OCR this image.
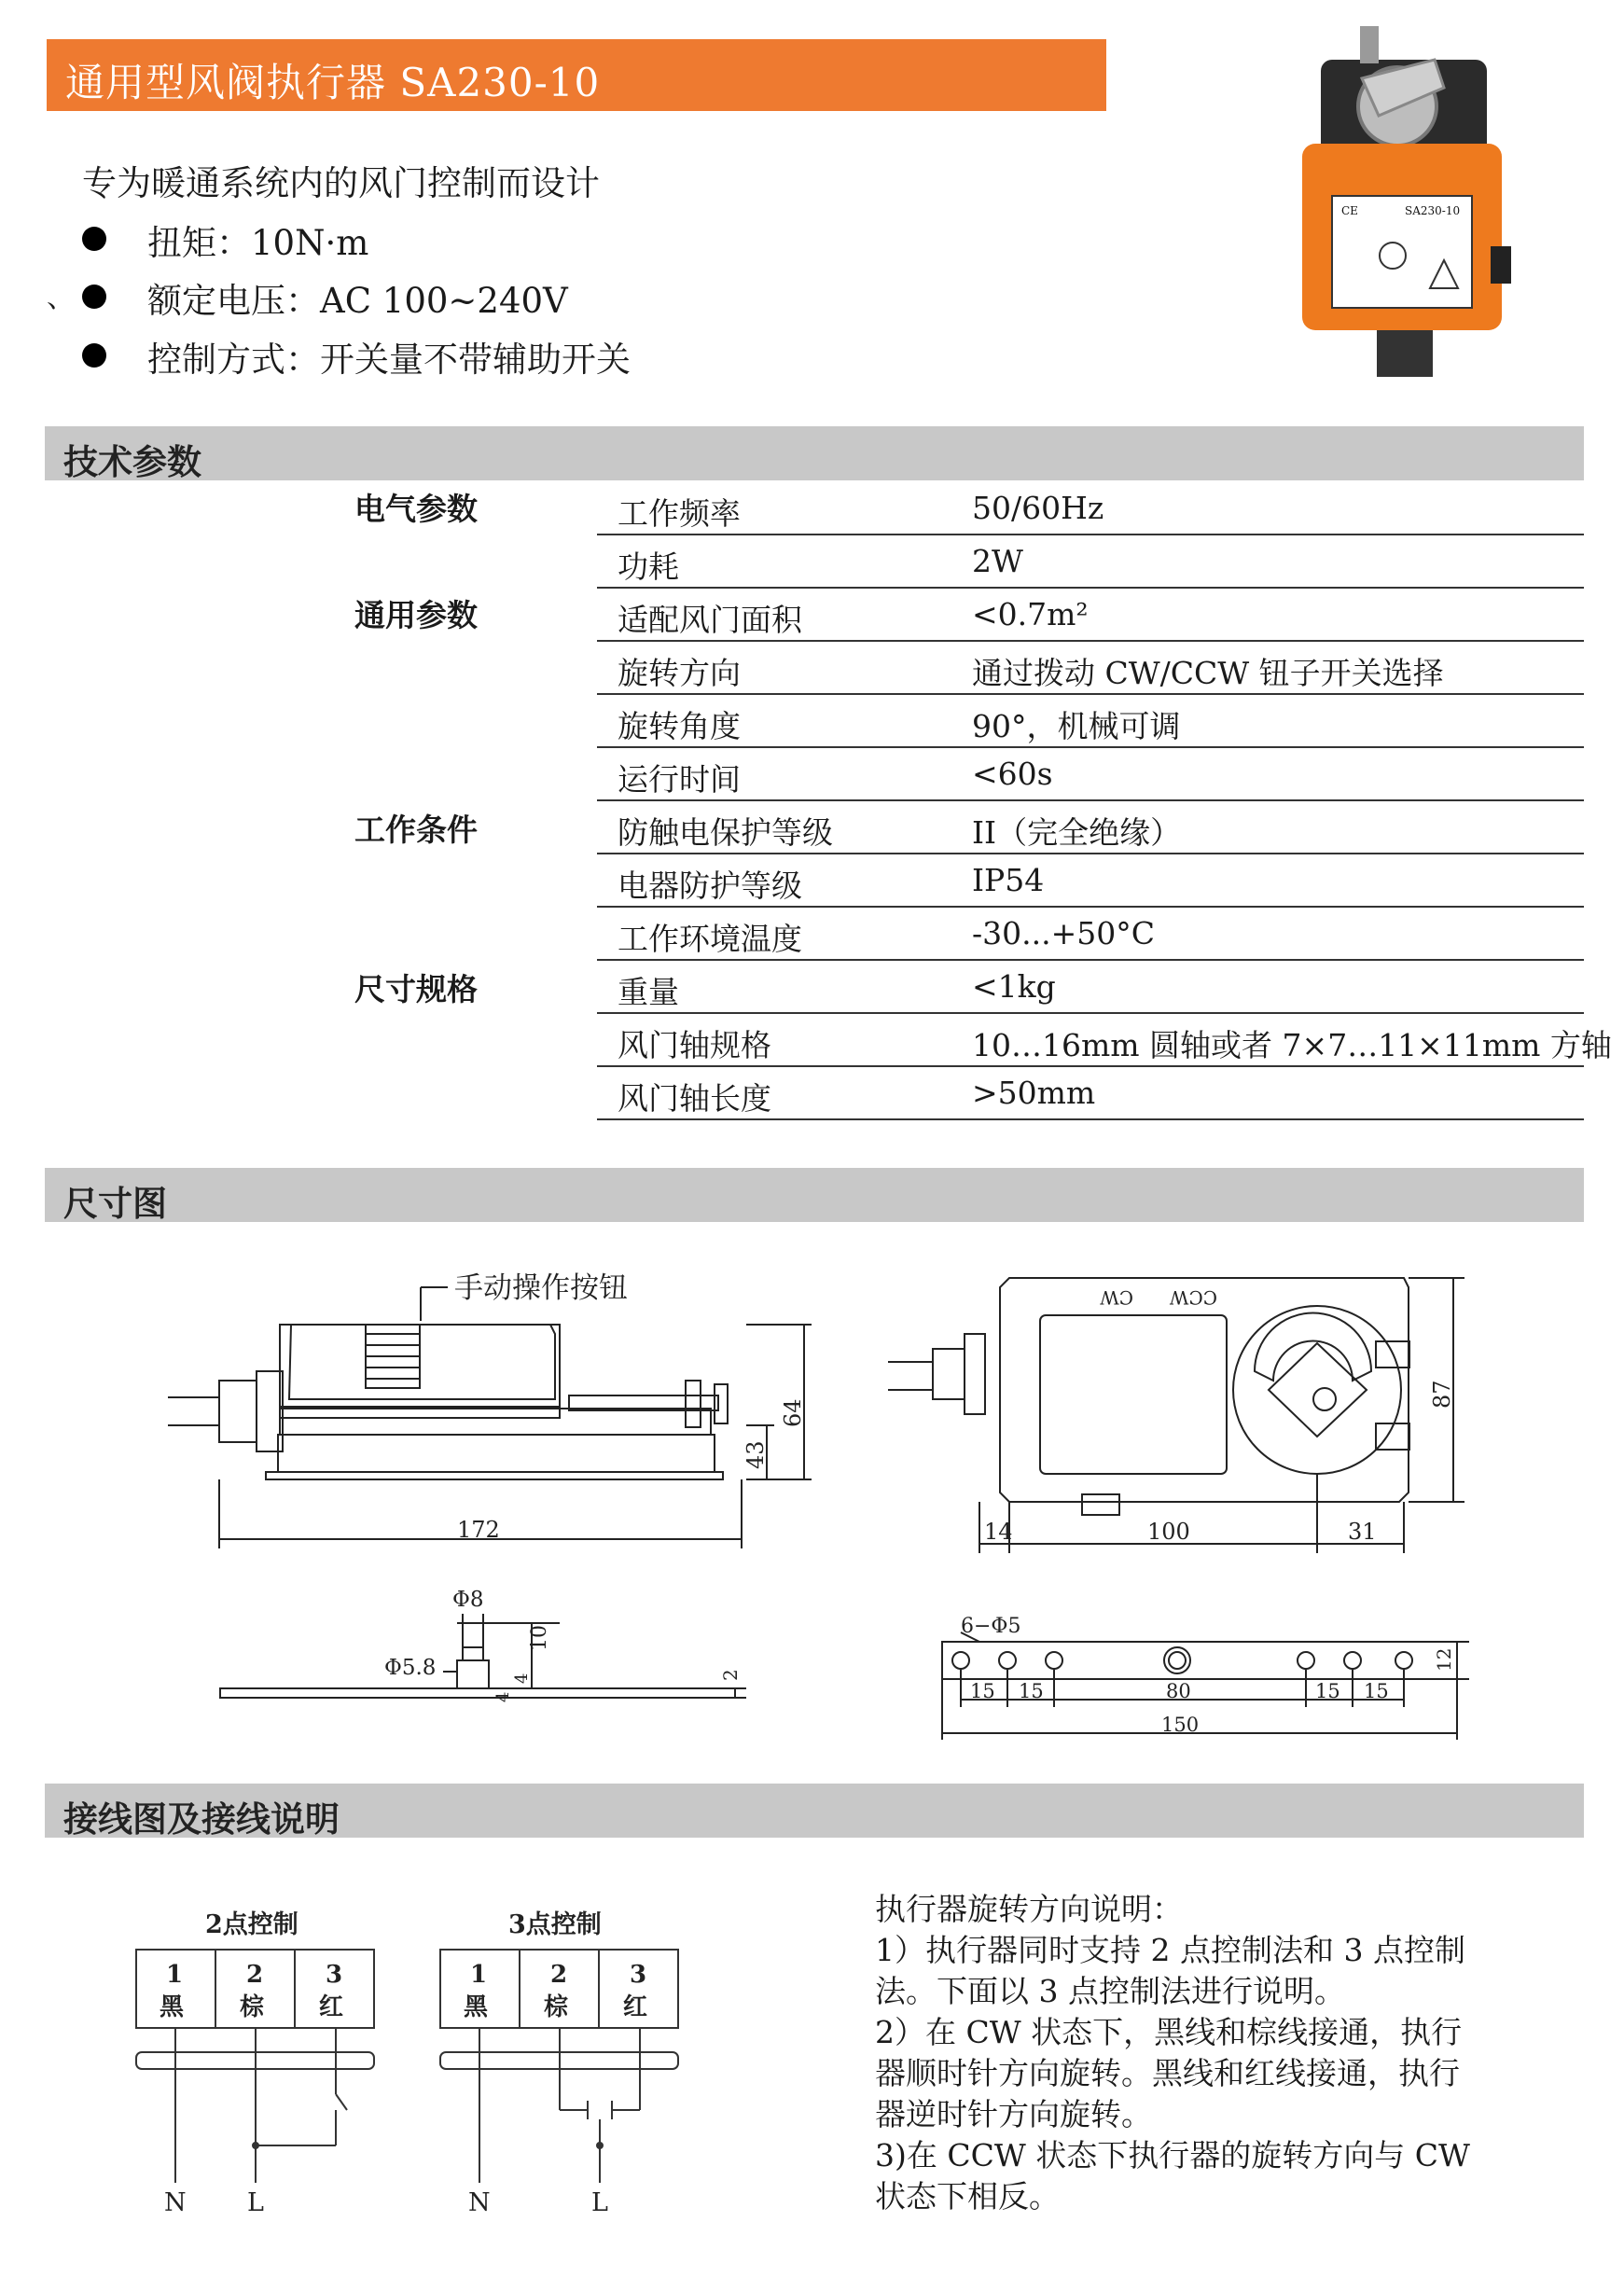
通用型风阀执行器 SA230-10
专为暖通系统内的风门控制而设计
扭矩：10N·m
、 额定电压：AC 100~240V
控制方式：开关量不带辅助开关
CE	SA230-10
技术参数
电气参数
通用参数
工作条件
尺寸规格
工作频率	50/60Hz
功耗	2W
适配风门面积	<0.7m²
旋转方向	通过拨动 CW/CCW 钮子开关选择
旋转角度	90°，机械可调
运行时间	<60s
防触电保护等级	II（完全绝缘）
电器防护等级	IP54
工作环境温度	-30...+50°C
重量	<1kg
风门轴规格	10…16mm 圆轴或者 7×7…11×11mm 方轴
风门轴长度	>50mm
尺寸图
手动操作按钮
172
43
64
CW CCW
87
14	100	31
Φ8
Φ5.8
10
4
4
2
6−Φ5
15 15	80	15 15
150
12
接线图及接线说明
2点控制
1
黑
2
棕
3
红
N L
3点控制
1
黑
2
棕
3
红
N	L
执行器旋转方向说明：
1）执行器同时支持 2 点控制法和 3 点控制
法。下面以 3 点控制法进行说明。
2）在 CW 状态下，黑线和棕线接通，执行
器顺时针方向旋转。黑线和红线接通，执行
器逆时针方向旋转。
3)在 CCW 状态下执行器的旋转方向与 CW
状态下相反。
